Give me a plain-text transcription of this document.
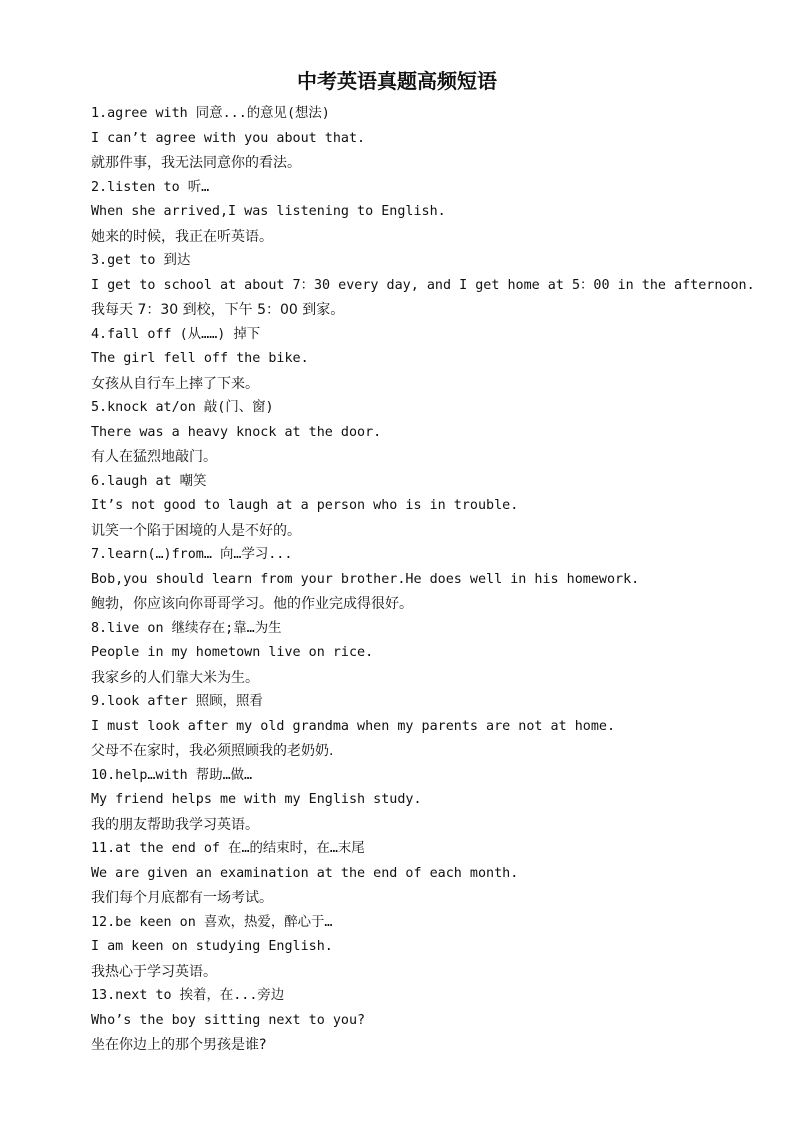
中考英语真题高频短语
1.agree with 同意...的意见(想法)
I can’t agree with you about that.
就那件事，我无法同意你的看法。
2.listen to 听…
When she arrived,I was listening to English.
她来的时候，我正在听英语。
3.get to 到达
I get to school at about 7：30 every day, and I get home at 5：00 in the afternoon.
我每天 7：30 到校，下午 5：00 到家。
4.fall off (从……) 掉下
The girl fell off the bike.
女孩从自行车上摔了下来。
5.knock at/on 敲(门、窗)
There was a heavy knock at the door.
有人在猛烈地敲门。
6.laugh at 嘲笑
It’s not good to laugh at a person who is in trouble.
讥笑一个陷于困境的人是不好的。
7.learn(…)from… 向…学习...
Bob,you should learn from your brother.He does well in his homework.
鲍勃，你应该向你哥哥学习。他的作业完成得很好。
8.live on 继续存在;靠…为生
People in my hometown live on rice.
我家乡的人们靠大米为生。
9.look after 照顾，照看
I must look after my old grandma when my parents are not at home.
父母不在家时，我必须照顾我的老奶奶.
10.help…with 帮助…做…
My friend helps me with my English study.
我的朋友帮助我学习英语。
11.at the end of 在…的结束时，在…末尾
We are given an examination at the end of each month.
我们每个月底都有一场考试。
12.be keen on 喜欢，热爱，醉心于…
I am keen on studying English.
我热心于学习英语。
13.next to 挨着，在...旁边
Who’s the boy sitting next to you?
坐在你边上的那个男孩是谁?
